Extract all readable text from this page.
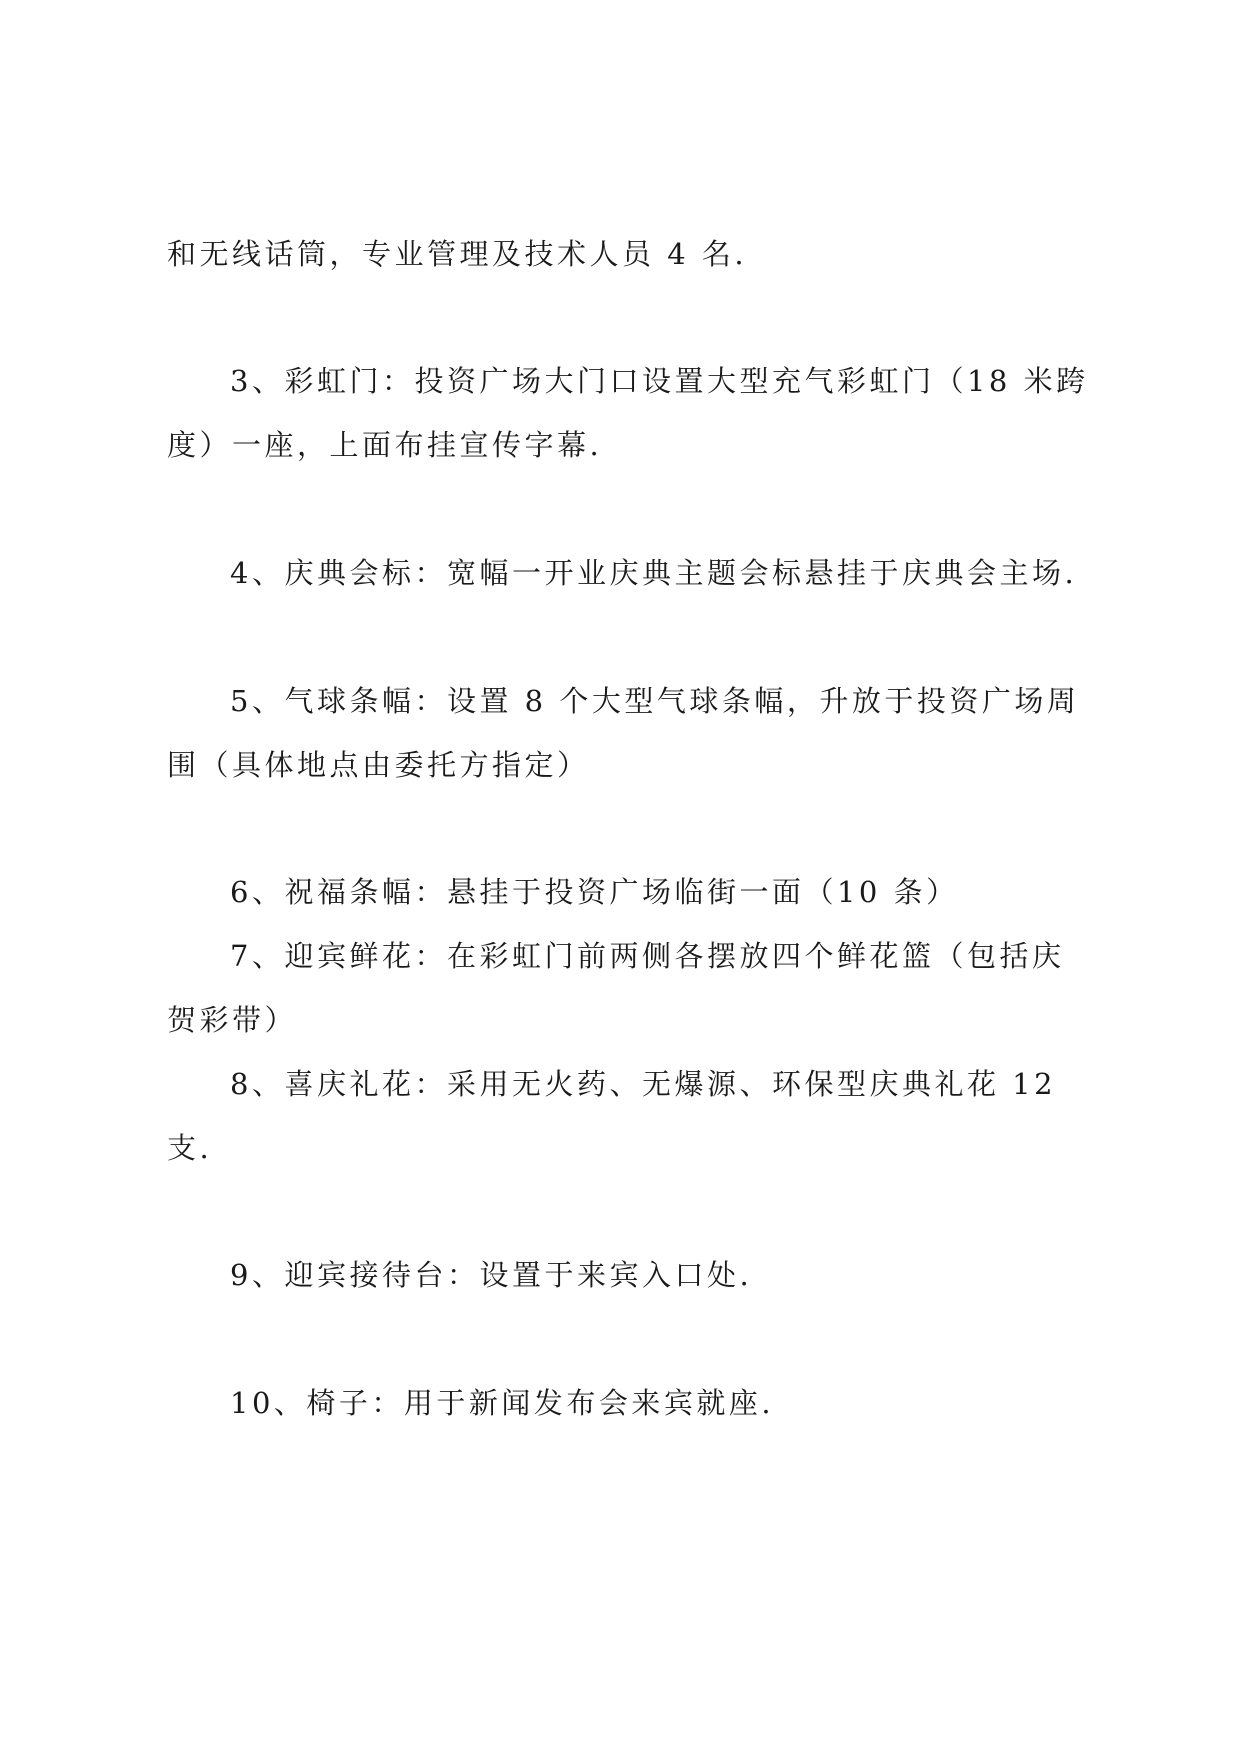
和无线话筒，专业管理及技术人员 4 名.

3、彩虹门：投资广场大门口设置大型充气彩虹门（18 米跨

度）一座，上面布挂宣传字幕.

4、庆典会标：宽幅一开业庆典主题会标悬挂于庆典会主场.

5、气球条幅：设置 8 个大型气球条幅，升放于投资广场周

围（具体地点由委托方指定）

6、祝福条幅：悬挂于投资广场临街一面（10 条）

7、迎宾鲜花：在彩虹门前两侧各摆放四个鲜花篮（包括庆

贺彩带）

8、喜庆礼花：采用无火药、无爆源、环保型庆典礼花 12

支.

9、迎宾接待台：设置于来宾入口处.

10、椅子：用于新闻发布会来宾就座.
